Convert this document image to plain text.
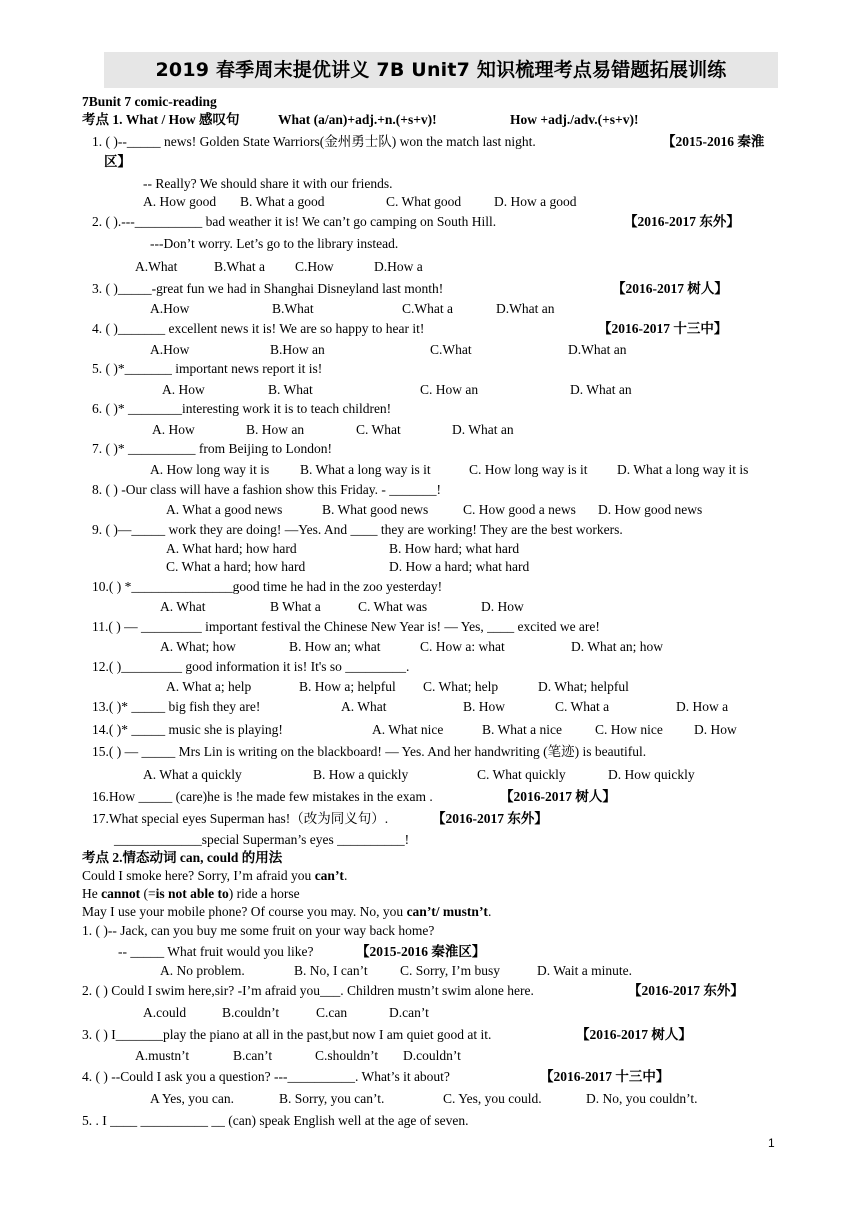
2019 春季周末提优讲义 7B Unit7 知识梳理考点易错题拓展训练
7Bunit 7 comic-reading
考点 1. What / How 感叹句	What (a/an)+adj.+n.(+s+v)!	How +adj./adv.(+s+v)!
1. ( )--_____ news! Golden State Warriors(金州勇士队) won the match last night.	【2015-2016 秦淮
区】
-- Really? We should share it with our friends.
A. How good B. What a good	C. What good D. How a good
2. ( ).---__________ bad weather it is! We can’t go camping on South Hill.	【2016-2017 东外】
---Don’t worry. Let’s go to the library instead.
A.What	B.What a C.How	D.How a
3. ( )_____-great fun we had in Shanghai Disneyland last month!	【2016-2017 树人】
A.How	B.What	C.What a	D.What an
4. ( )_______ excellent news it is! We are so happy to hear it!	【2016-2017 十三中】
A.How	B.How an	C.What	D.What an
5. ( )*_______ important news report it is!
A. How	B. What	C. How an	D. What an
6. ( )* ________interesting work it is to teach children!
A. How	B. How an	C. What	D. What an
7. ( )* __________ from Beijing to London!
A. How long way it is B. What a long way is it	C. How long way is it D. What a long way it is
8. ( ) -Our class will have a fashion show this Friday. - _______!
A. What a good news	B. What good news	C. How good a news D. How good news
9. ( )—_____ work they are doing! —Yes. And ____ they are working! They are the best workers.
A. What hard; how hard	B. How hard; what hard
C. What a hard; how hard	D. How a hard; what hard
10.( ) *_______________good time he had in the zoo yesterday!
A. What	B What a	C. What was	D. How
11.( ) — _________ important festival the Chinese New Year is! — Yes, ____ excited we are!
A. What; how	B. How an; what	C. How a: what	D. What an; how
12.( )_________ good information it is! It's so _________.
A. What a; help	B. How a; helpful C. What; help	D. What; helpful
13.( )* _____ big fish they are!	A. What	B. How	C. What a	D. How a
14.( )* _____ music she is playing!	A. What nice	B. What a nice C. How nice D. How
15.( ) — _____ Mrs Lin is writing on the blackboard! — Yes. And her handwriting (笔迹) is beautiful.
A. What a quickly	B. How a quickly	C. What quickly	D. How quickly
16.How _____ (care)he is !he made few mistakes in the exam .	【2016-2017 树人】
17.What special eyes Superman has!（改为同义句）.	【2016-2017 东外】
_____________special Superman’s eyes __________!
考点 2.情态动词 can, could 的用法
Could I smoke here? Sorry, I’m afraid you can’t.
He cannot (=is not able to) ride a horse
May I use your mobile phone? Of course you may. No, you can’t/ mustn’t.
1. ( )-- Jack, can you buy me some fruit on your way back home?
-- _____ What fruit would you like?	【2015-2016 秦淮区】
A. No problem.	B. No, I can’t C. Sorry, I’m busy	D. Wait a minute.
2. ( ) Could I swim here,sir? -I’m afraid you___. Children mustn’t swim alone here.	【2016-2017 东外】
A.could	B.couldn’t	C.can	D.can’t
3. ( ) I_______play the piano at all in the past,but now I am quiet good at it.	【2016-2017 树人】
A.mustn’t	B.can’t	C.shouldn’t D.couldn’t
4. ( ) --Could I ask you a question? ---__________. What’s it about?	【2016-2017 十三中】
A Yes, you can.	B. Sorry, you can’t.	C. Yes, you could.	D. No, you couldn’t.
5. . I ____ __________ __ (can) speak English well at the age of seven.
1
